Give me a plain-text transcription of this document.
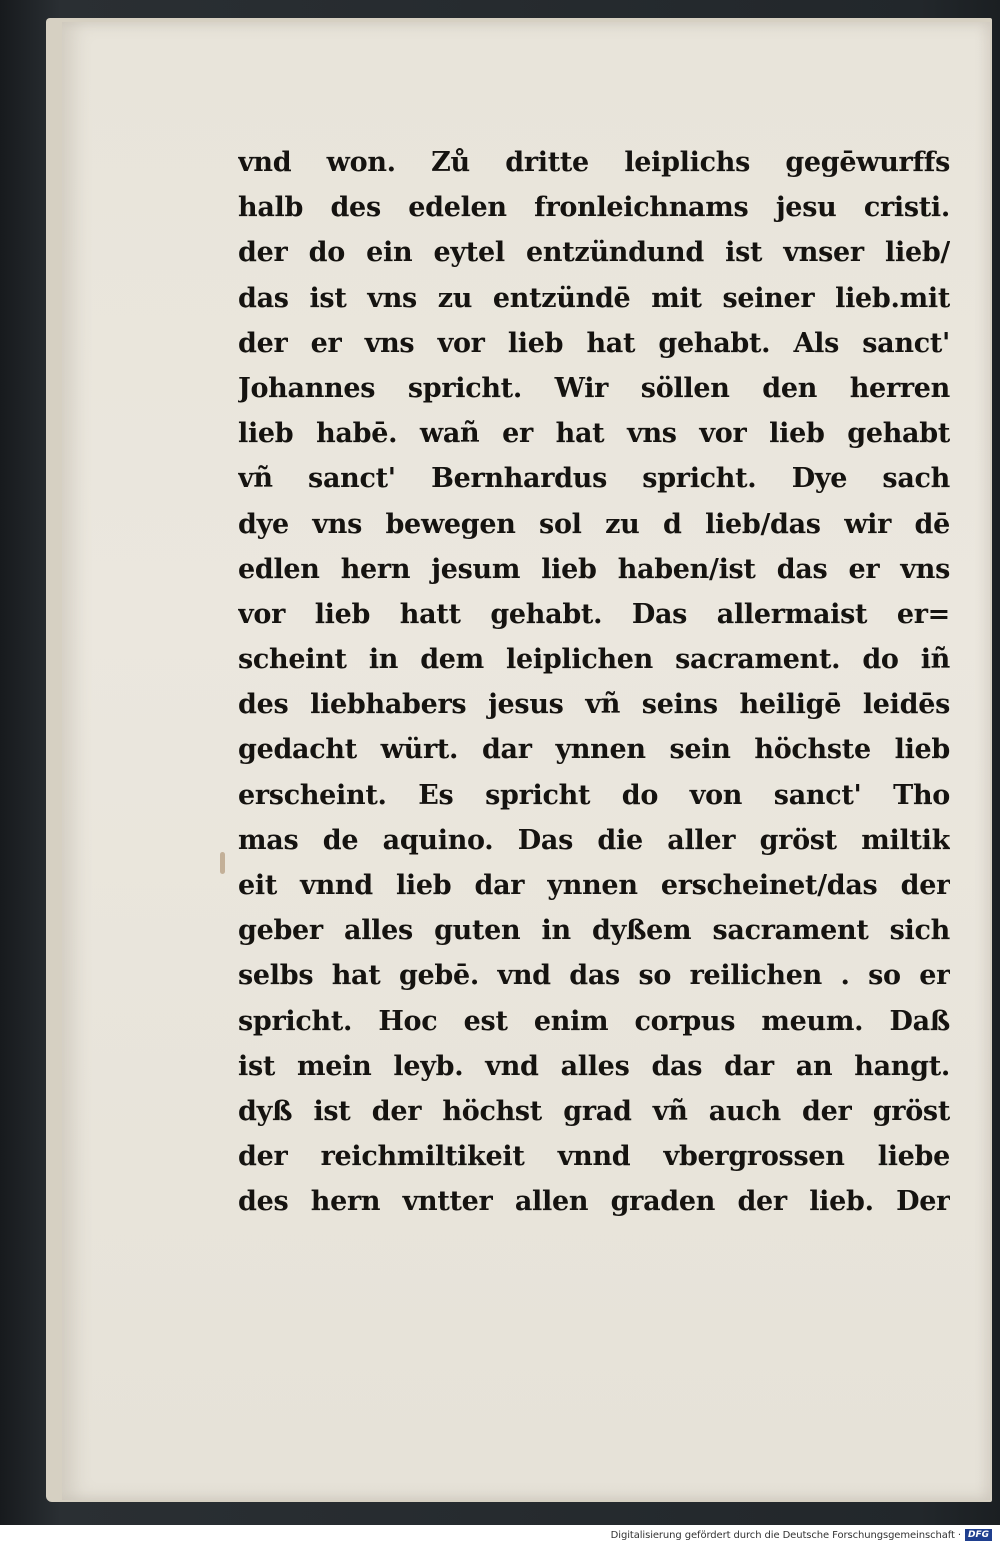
vnd won. Zů dritte leiplichs gegēwurffs
halb des edelen fronleichnams jesu cristi.
der do ein eytel entzündund ist vnser lieb/
das ist vns zu entzündē mit seiner lieb.mit
der er vns vor lieb hat gehabt. Als sanct'
Johannes spricht. Wir söllen den herren
lieb habē. wañ er hat vns vor lieb gehabt
vñ sanct' Bernhardus spricht. Dye sach
dye vns bewegen sol zu d lieb/das wir dē
edlen hern jesum lieb haben/ist das er vns
vor lieb hatt gehabt. Das allermaist er=
scheint in dem leiplichen sacrament. do iñ
des liebhabers jesus vñ seins heiligē leidēs
gedacht würt. dar ynnen sein höchste lieb
erscheint. Es spricht do von sanct' Tho
mas de aquino. Das die aller gröst miltik
eit vnnd lieb dar ynnen erscheinet/das der
geber alles guten in dyßem sacrament sich
selbs hat gebē. vnd das so reilichen . so er
spricht. Hoc est enim corpus meum. Daß
ist mein leyb. vnd alles das dar an hangt.
dyß ist der höchst grad vñ auch der gröst
der reichmiltikeit vnnd vbergrossen liebe
des hern vntter allen graden der lieb. Der
Digitalisierung gefördert durch die Deutsche Forschungsgemeinschaft · DFG
